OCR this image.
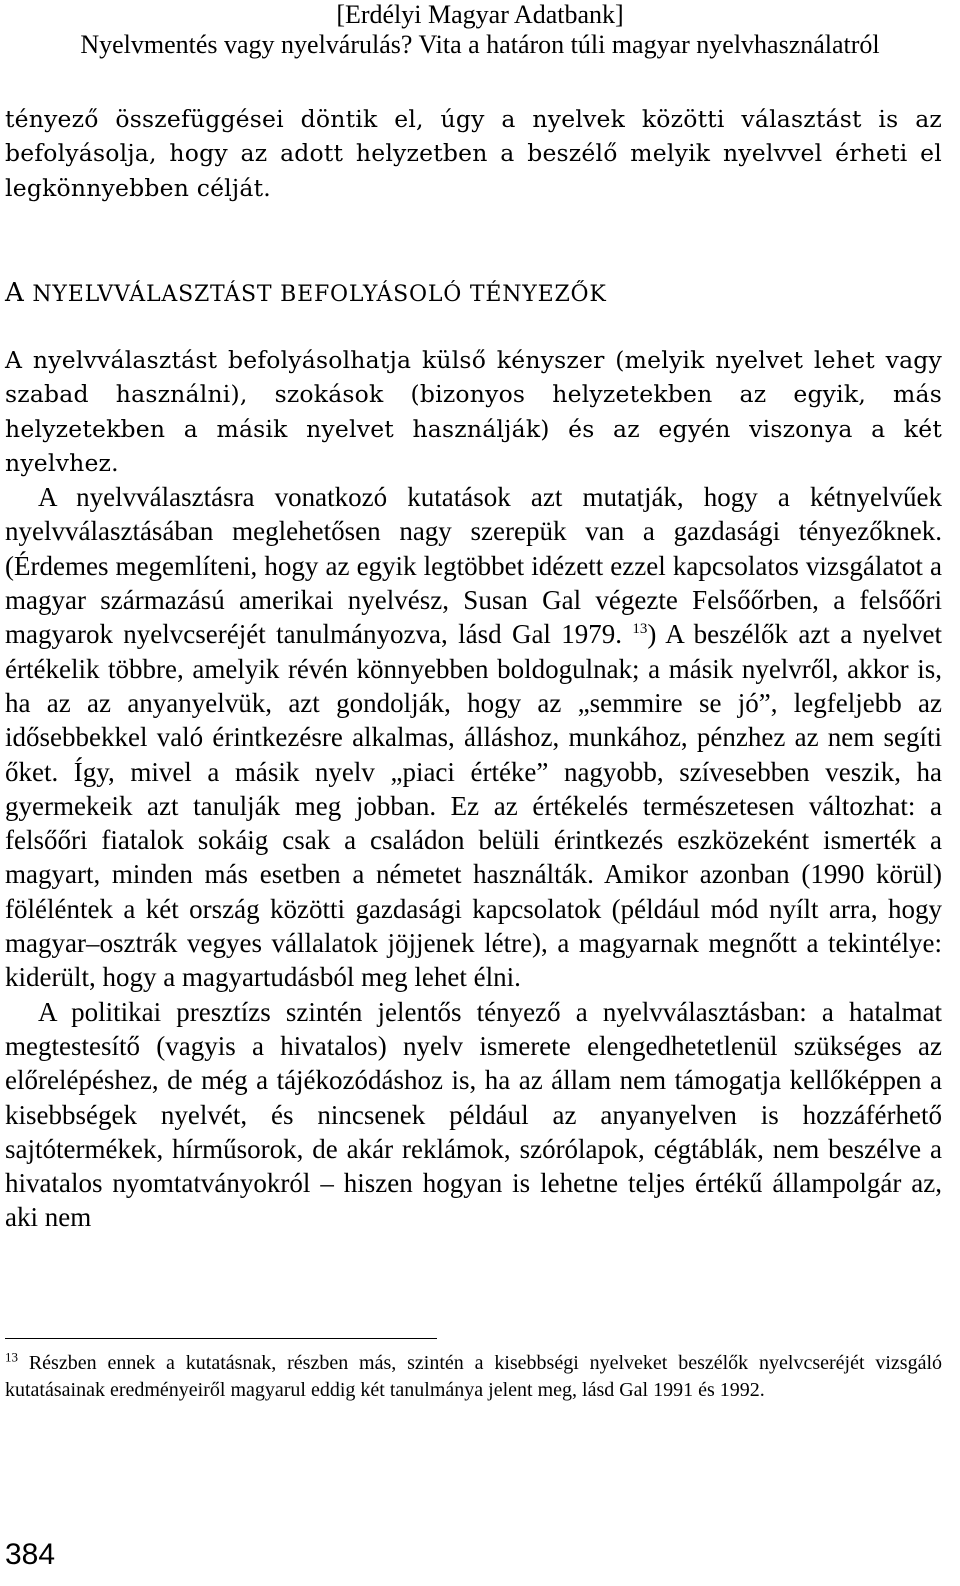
[Erdélyi Magyar Adatbank]
Nyelvmentés vagy nyelvárulás? Vita a határon túli magyar nyelvhasználatról

tényező összefüggései döntik el, úgy a nyelvek közötti választást is az befolyásolja, hogy az adott helyzetben a beszélő melyik nyelvvel érheti el legkönnyebben célját.

A NYELVVÁLASZTÁST BEFOLYÁSOLÓ TÉNYEZŐK

A nyelvválasztást befolyásolhatja külső kényszer (melyik nyelvet lehet vagy szabad használni), szokások (bizonyos helyzetekben az egyik, más helyzetekben a másik nyelvet használják) és az egyén viszonya a két nyelvhez.

A nyelvválasztásra vonatkozó kutatások azt mutatják, hogy a kétnyelvűek nyelvválasztásában meglehetősen nagy szerepük van a gazdasági tényezőknek. (Érdemes megemlíteni, hogy az egyik legtöbbet idézett ezzel kapcsolatos vizsgálatot a magyar származású amerikai nyelvész, Susan Gal végezte Felsőőrben, a felsőőri magyarok nyelvcseréjét tanulmányozva, lásd Gal 1979. $^{13}$) A beszélők azt a nyelvet értékelik többre, amelyik révén könnyebben boldogulnak; a másik nyelvről, akkor is, ha az az anyanyelvük, azt gondolják, hogy az „semmire se jó”, legfeljebb az idősebbekkel való érintkezésre alkalmas, álláshoz, munkához, pénzhez az nem segíti őket. Így, mivel a másik nyelv „piaci értéke” nagyobb, szívesebben veszik, ha gyermekeik azt tanulják meg jobban. Ez az értékelés természetesen változhat: a felsőőri fiatalok sokáig csak a családon belüli érintkezés eszközeként ismerték a magyart, minden más esetben a németet használták. Amikor azonban (1990 körül) föléléntek a két ország közötti gazdasági kapcsolatok (például mód nyílt arra, hogy magyar–osztrák vegyes vállalatok jöjjenek létre), a magyarnak megnőtt a tekintélye: kiderült, hogy a magyartudásból meg lehet élni.

A politikai presztízs szintén jelentős tényező a nyelvválasztásban: a hatalmat megtestesítő (vagyis a hivatalos) nyelv ismerete elengedhetetlenül szükséges az előrelépéshez, de még a tájékozódáshoz is, ha az állam nem támogatja kellőképpen a kisebbségek nyelvét, és nincsenek például az anyanyelven is hozzáférhető sajtótermékek, hírműsorok, de akár reklámok, szórólapok, cégtáblák, nem beszélve a hivatalos nyomtatványokról – hiszen hogyan is lehetne teljes értékű állampolgár az, aki nem

$^{13}$ Részben ennek a kutatásnak, részben más, szintén a kisebbségi nyelveket beszélők nyelvcseréjét vizsgáló kutatásainak eredményeiről magyarul eddig két tanulmánya jelent meg, lásd Gal 1991 és 1992.

384
